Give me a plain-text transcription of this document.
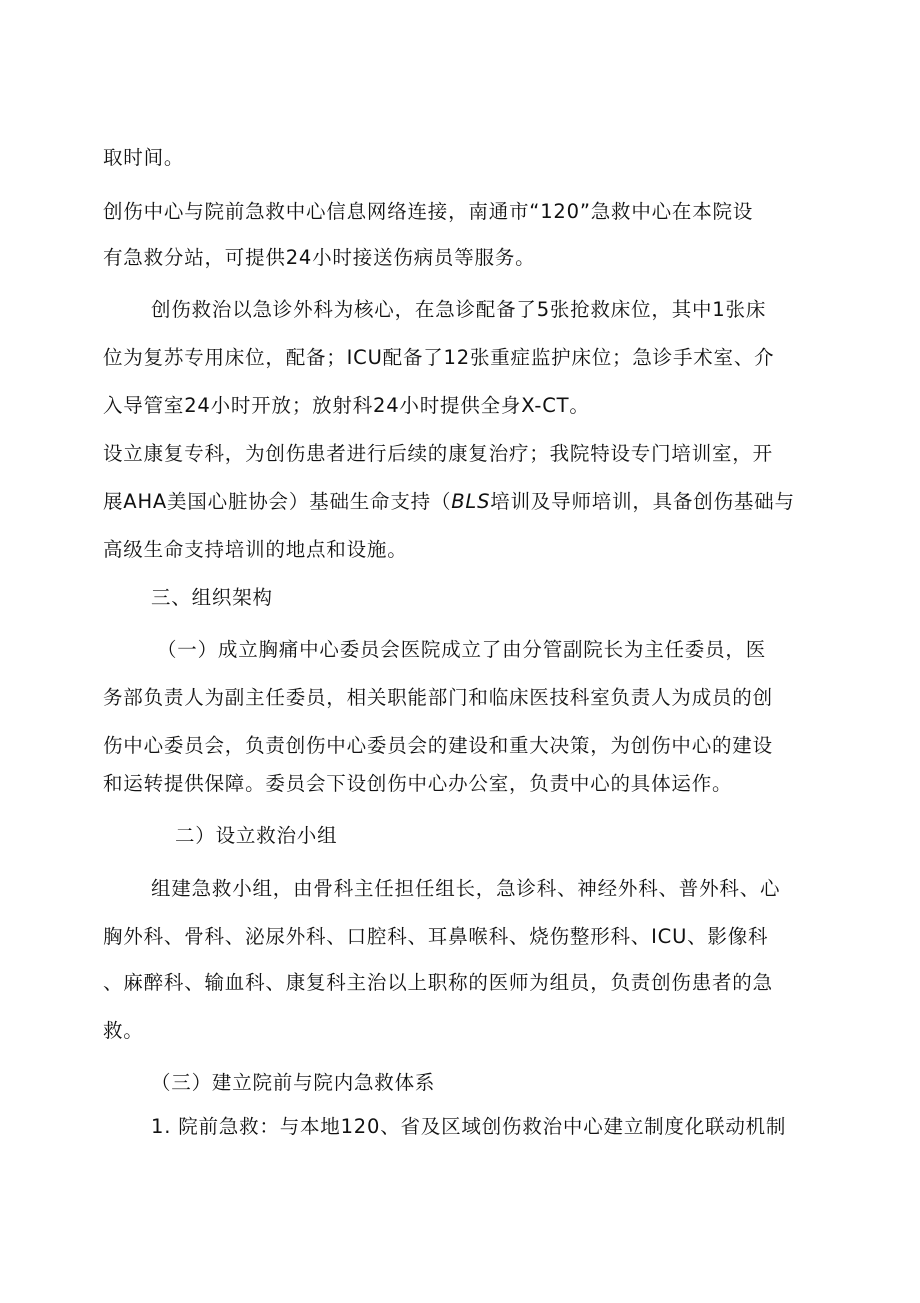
取时间。
创伤中心与院前急救中心信息网络连接，南通市“120”急救中心在本院设
有急救分站，可提供24小时接送伤病员等服务。
创伤救治以急诊外科为核心，在急诊配备了5张抢救床位，其中1张床
位为复苏专用床位，配备；ICU配备了12张重症监护床位；急诊手术室、介
入导管室24小时开放；放射科24小时提供全身X-CT。
设立康复专科，为创伤患者进行后续的康复治疗；我院特设专门培训室，开
展AHA美国心脏协会）基础生命支持（BLS培训及导师培训，具备创伤基础与
高级生命支持培训的地点和设施。
三、组织架构
（一）成立胸痛中心委员会医院成立了由分管副院长为主任委员，医
务部负责人为副主任委员，相关职能部门和临床医技科室负责人为成员的创
伤中心委员会，负责创伤中心委员会的建设和重大决策，为创伤中心的建设
和运转提供保障。委员会下设创伤中心办公室，负责中心的具体运作。
二）设立救治小组
组建急救小组，由骨科主任担任组长，急诊科、神经外科、普外科、心
胸外科、骨科、泌尿外科、口腔科、耳鼻喉科、烧伤整形科、ICU、影像科
、麻醉科、输血科、康复科主治以上职称的医师为组员，负责创伤患者的急
救。
（三）建立院前与院内急救体系
1. 院前急救：与本地120、省及区域创伤救治中心建立制度化联动机制
